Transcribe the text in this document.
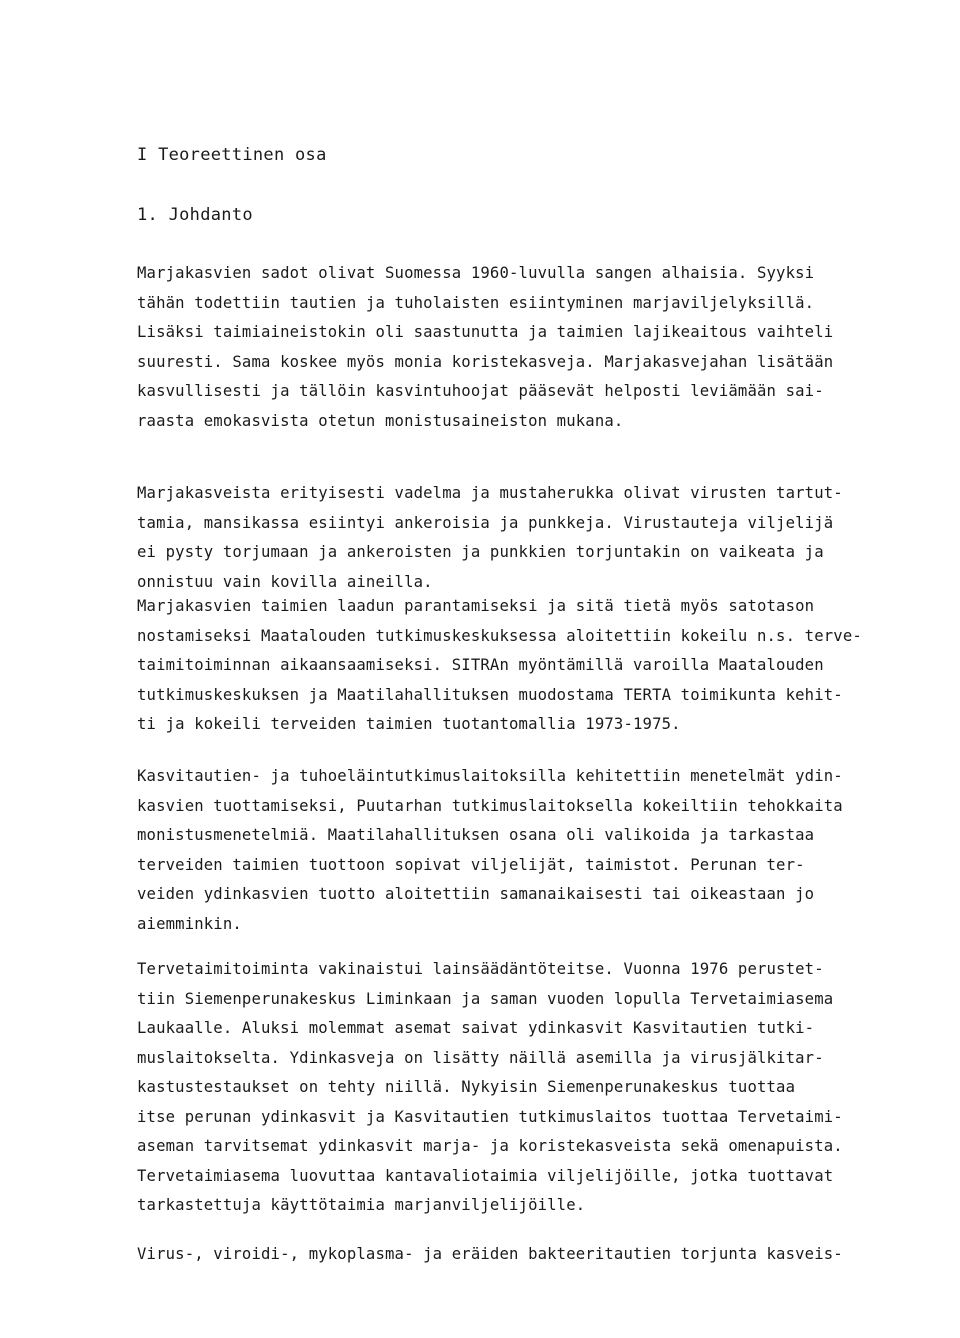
I Teoreettinen osa
1. Johdanto
Marjakasvien sadot olivat Suomessa 1960-luvulla sangen alhaisia. Syyksi
tähän todettiin tautien ja tuholaisten esiintyminen marjaviljelyksillä.
Lisäksi taimiaineistokin oli saastunutta ja taimien lajikeaitous vaihteli
suuresti. Sama koskee myös monia koristekasveja. Marjakasvejahan lisätään
kasvullisesti ja tällöin kasvintuhoojat pääsevät helposti leviämään sai-
raasta emokasvista otetun monistusaineiston mukana.
Marjakasveista erityisesti vadelma ja mustaherukka olivat virusten tartut-
tamia, mansikassa esiintyi ankeroisia ja punkkeja. Virustauteja viljelijä
ei pysty torjumaan ja ankeroisten ja punkkien torjuntakin on vaikeata ja
onnistuu vain kovilla aineilla.
Marjakasvien taimien laadun parantamiseksi ja sitä tietä myös satotason
nostamiseksi Maatalouden tutkimuskeskuksessa aloitettiin kokeilu n.s. terve-
taimitoiminnan aikaansaamiseksi. SITRAn myöntämillä varoilla Maatalouden
tutkimuskeskuksen ja Maatilahallituksen muodostama TERTA toimikunta kehit-
ti ja kokeili terveiden taimien tuotantomallia 1973-1975.
Kasvitautien- ja tuhoeläintutkimuslaitoksilla kehitettiin menetelmät ydin-
kasvien tuottamiseksi, Puutarhan tutkimuslaitoksella kokeiltiin tehokkaita
monistusmenetelmiä. Maatilahallituksen osana oli valikoida ja tarkastaa
terveiden taimien tuottoon sopivat viljelijät, taimistot. Perunan ter-
veiden ydinkasvien tuotto aloitettiin samanaikaisesti tai oikeastaan jo
aiemminkin.
Tervetaimitoiminta vakinaistui lainsäädäntöteitse. Vuonna 1976 perustet-
tiin Siemenperunakeskus Liminkaan ja saman vuoden lopulla Tervetaimiasema
Laukaalle. Aluksi molemmat asemat saivat ydinkasvit Kasvitautien tutki-
muslaitokselta. Ydinkasveja on lisätty näillä asemilla ja virusjälkitar-
kastustestaukset on tehty niillä. Nykyisin Siemenperunakeskus tuottaa
itse perunan ydinkasvit ja Kasvitautien tutkimuslaitos tuottaa Tervetaimi-
aseman tarvitsemat ydinkasvit marja- ja koristekasveista sekä omenapuista.
Tervetaimiasema luovuttaa kantavaliotaimia viljelijöille, jotka tuottavat
tarkastettuja käyttötaimia marjanviljelijöille.
Virus-, viroidi-, mykoplasma- ja eräiden bakteeritautien torjunta kasveis-
